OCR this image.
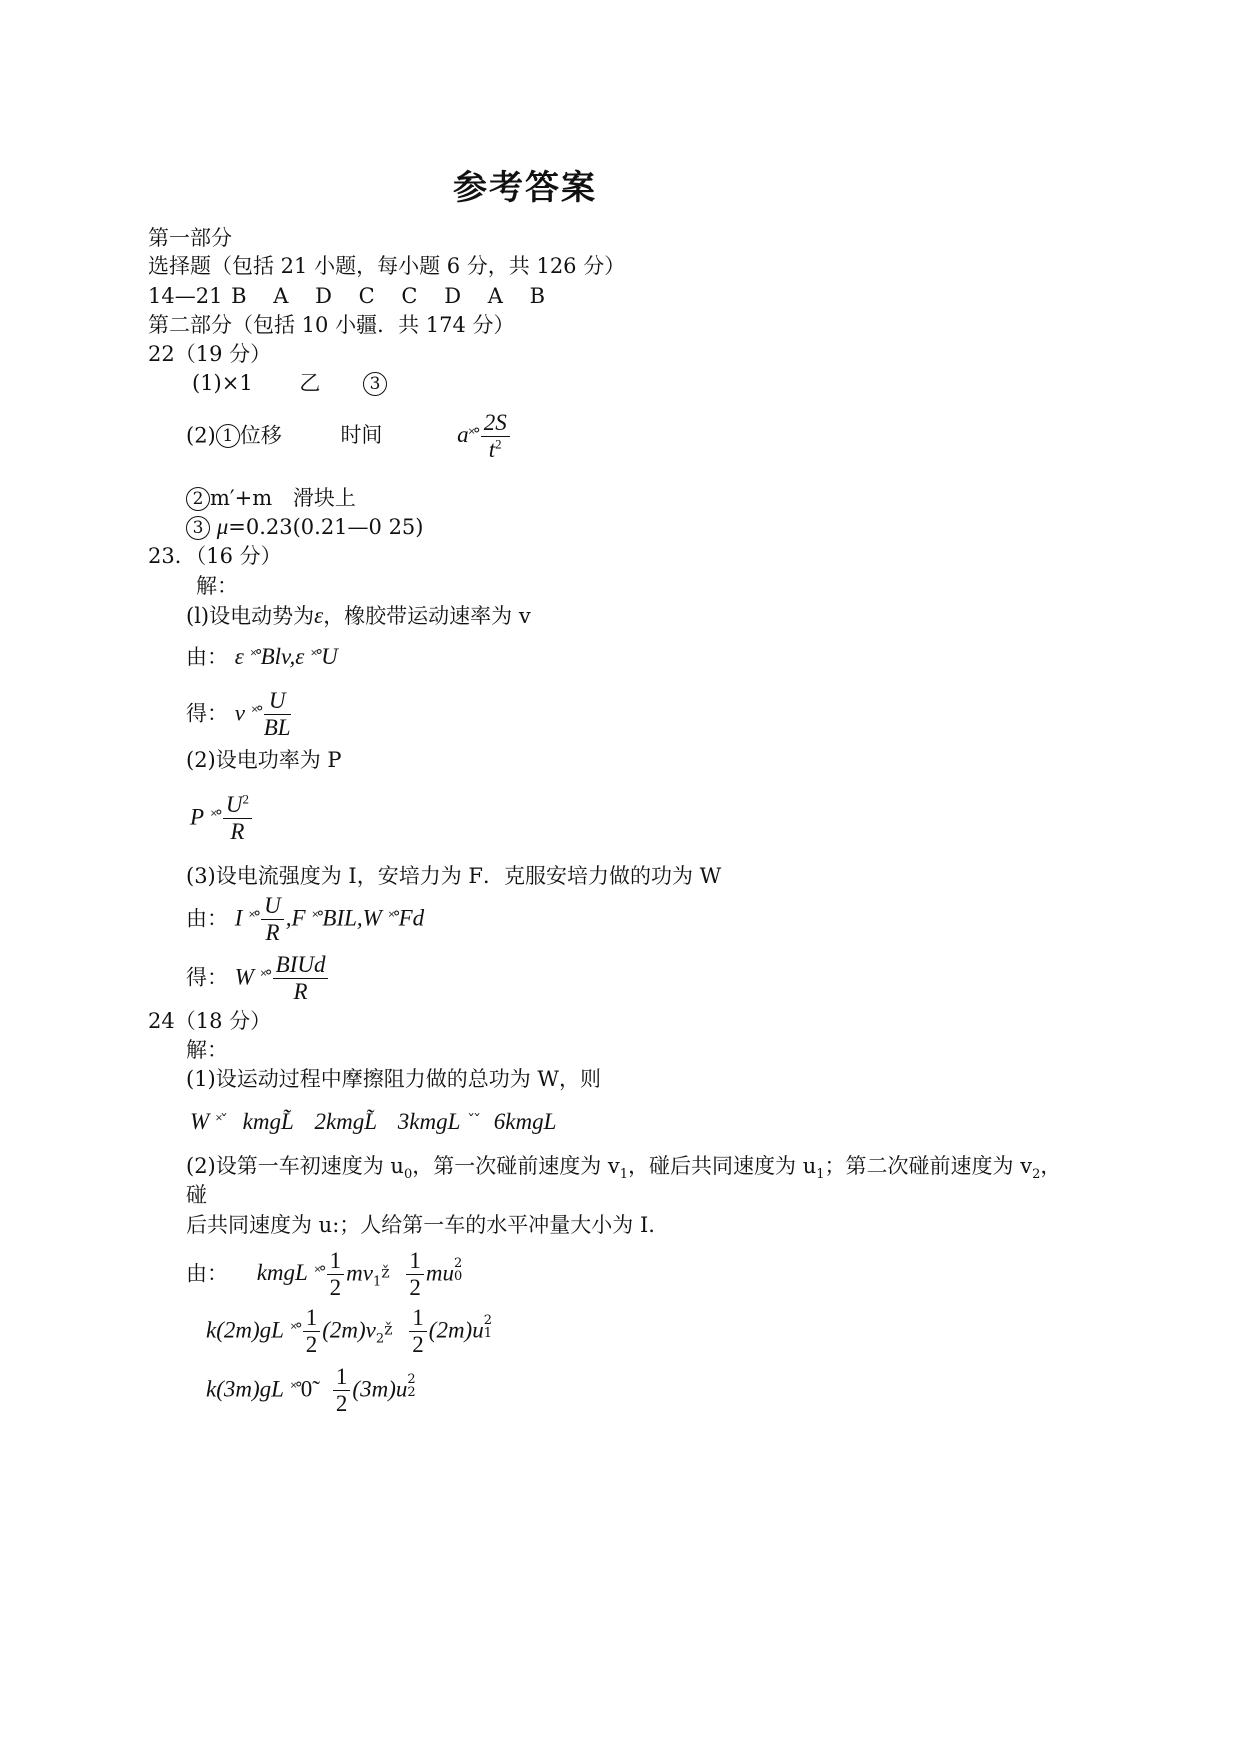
参考答案
第一部分
选择题（包括 21 小题，每小题 6 分，共 126 分）
14—21 B A D C C D A B
第二部分（包括 10 小疆．共 174 分）
22（19 分）
(1)×1 乙	3
(2) 1 位移	时间	a˟° $\frac{2S}{t^2}$
2 m′+m 滑块上
3 μ=0.23(0.21—0 25)
23．（16 分）
解：
(l)设电动势为ε，橡胶带运动速率为 v
由： ε ˟°Blv,ε ˟°U
得： v ˟° $\frac{U}{BL}$
(2)设电功率为 P
P ˟° $\frac{U^2}{R}$
(3)设电流强度为 I，安培力为 F．克服安培力做的功为 W
由： I ˟° $\frac{U}{R} ,F$ ˟°BIL,W ˟°Fd
得： W ˟° $\frac{\text{BIUd}}{R}$
24（18 分）
解：
(1)设运动过程中摩擦阻力做的总功为 W，则
W ˟ˇ kmgL̃ 2kmgL̃ 3kmgL ˇˇ 6kmgL
(2)设第一车初速度为 $u_0$，第一次碰前速度为 $v_1$，碰后共同速度为 $u_1$；第二次碰前速度为 $v_2$，
碰
后共同速度为 u:；人给第一车的水平冲量大小为 I.
由： kmgL ˟° $\frac{1}{2} mv_1^ž \frac{1}{2}$ mu $_{2 0}$
k(2m)gL ˟° $\frac{1}{2} (2m)v_2^ž \frac{1}{2} (2m)u$ $_{2 1}$
k(3m)gL ˟°0̃ $\frac{1}{2} (3m)u$ $_{2 2}$
